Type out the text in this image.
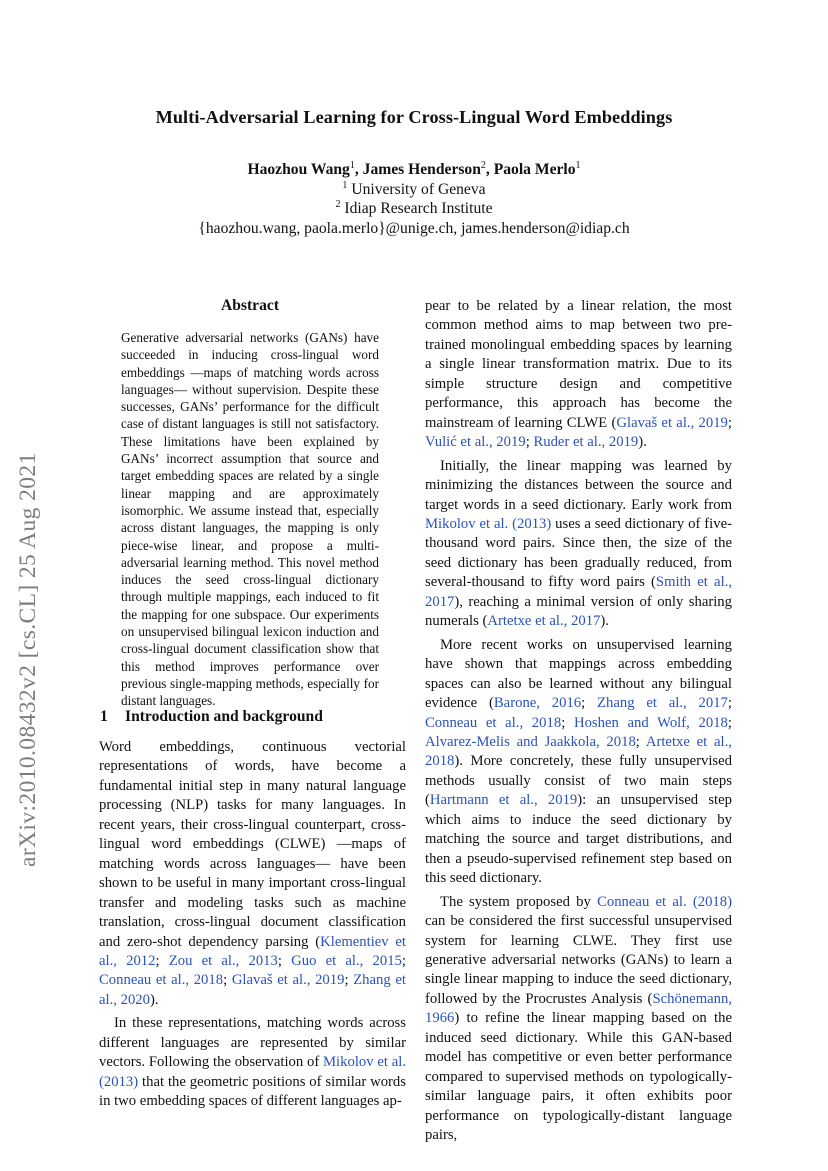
Multi-Adversarial Learning for Cross-Lingual Word Embeddings
Haozhou Wang$^1$, James Henderson$^2$, Paola Merlo$^1$
$^1$ University of Geneva
$^2$ Idiap Research Institute
{haozhou.wang, paola.merlo}@unige.ch, james.henderson@idiap.ch
arXiv:2010.08432v2 [cs.CL] 25 Aug 2021
Abstract
Generative adversarial networks (GANs) have succeeded in inducing cross-lingual word embeddings —maps of matching words across languages— without supervision. Despite these successes, GANs’ performance for the difficult case of distant languages is still not satisfactory. These limitations have been explained by GANs’ incorrect assumption that source and target embedding spaces are related by a single linear mapping and are approximately isomorphic. We assume instead that, especially across distant languages, the mapping is only piece-wise linear, and propose a multi-adversarial learning method. This novel method induces the seed cross-lingual dictionary through multiple mappings, each induced to fit the mapping for one subspace. Our experiments on unsupervised bilingual lexicon induction and cross-lingual document classification show that this method improves performance over previous single-mapping methods, especially for distant languages.
1 Introduction and background

Word embeddings, continuous vectorial representations of words, have become a fundamental initial step in many natural language processing (NLP) tasks for many languages. In recent years, their cross-lingual counterpart, cross-lingual word embeddings (CLWE) —maps of matching words across languages— have been shown to be useful in many important cross-lingual transfer and modeling tasks such as machine translation, cross-lingual document classification and zero-shot dependency parsing (Klementiev et al., 2012; Zou et al., 2013; Guo et al., 2015; Conneau et al., 2018; Glavaš et al., 2019; Zhang et al., 2020).

In these representations, matching words across different languages are represented by similar vectors. Following the observation of Mikolov et al. (2013) that the geometric positions of similar words in two embedding spaces of different languages ap-

pear to be related by a linear relation, the most common method aims to map between two pre-trained monolingual embedding spaces by learning a single linear transformation matrix. Due to its simple structure design and competitive performance, this approach has become the mainstream of learning CLWE (Glavaš et al., 2019; Vulić et al., 2019; Ruder et al., 2019).

Initially, the linear mapping was learned by minimizing the distances between the source and target words in a seed dictionary. Early work from Mikolov et al. (2013) uses a seed dictionary of five-thousand word pairs. Since then, the size of the seed dictionary has been gradually reduced, from several-thousand to fifty word pairs (Smith et al., 2017), reaching a minimal version of only sharing numerals (Artetxe et al., 2017).

More recent works on unsupervised learning have shown that mappings across embedding spaces can also be learned without any bilingual evidence (Barone, 2016; Zhang et al., 2017; Conneau et al., 2018; Hoshen and Wolf, 2018; Alvarez-Melis and Jaakkola, 2018; Artetxe et al., 2018). More concretely, these fully unsupervised methods usually consist of two main steps (Hartmann et al., 2019): an unsupervised step which aims to induce the seed dictionary by matching the source and target distributions, and then a pseudo-supervised refinement step based on this seed dictionary.

The system proposed by Conneau et al. (2018) can be considered the first successful unsupervised system for learning CLWE. They first use generative adversarial networks (GANs) to learn a single linear mapping to induce the seed dictionary, followed by the Procrustes Analysis (Schönemann, 1966) to refine the linear mapping based on the induced seed dictionary. While this GAN-based model has competitive or even better performance compared to supervised methods on typologically-similar language pairs, it often exhibits poor performance on typologically-distant language pairs,
